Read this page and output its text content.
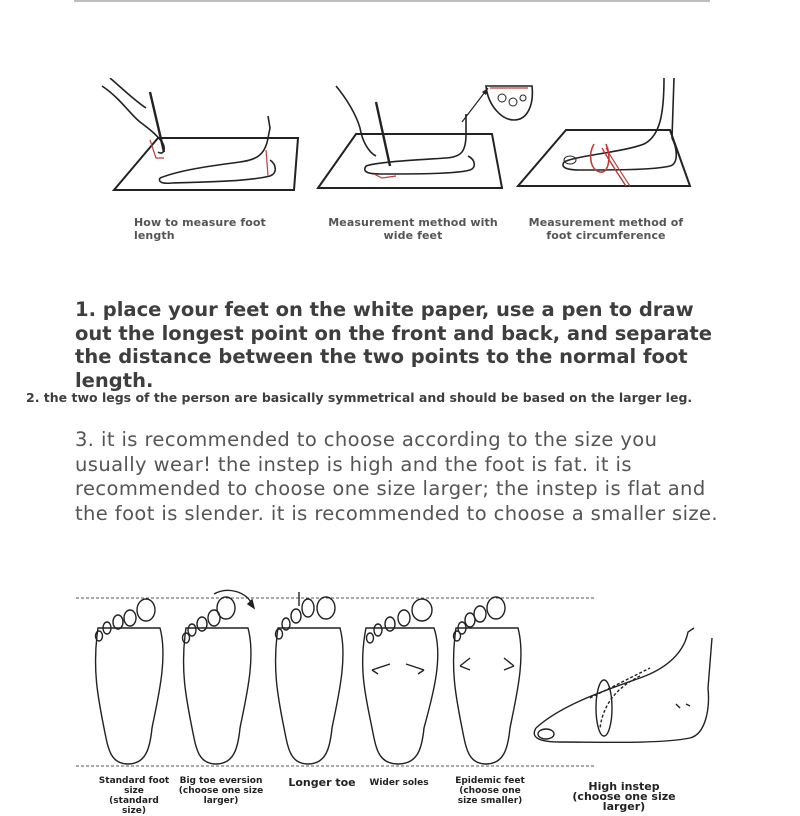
How to measure foot length
Measurement method with wide feet
Measurement method of foot circumference
1. place your feet on the white paper, use a pen to draw out the longest point on the front and back, and separate the distance between the two points to the normal foot length.
2. the two legs of the person are basically symmetrical and should be based on the larger leg.
3. it is recommended to choose according to the size you usually wear! the instep is high and the foot is fat. it is recommended to choose one size larger; the instep is flat and the foot is slender. it is recommended to choose a smaller size.
Standard foot size (standard size)
Big toe eversion (choose one size larger)
Longer toe	Wider soles	Epidemic feet (choose one size smaller)
High instep (choose one size larger)
